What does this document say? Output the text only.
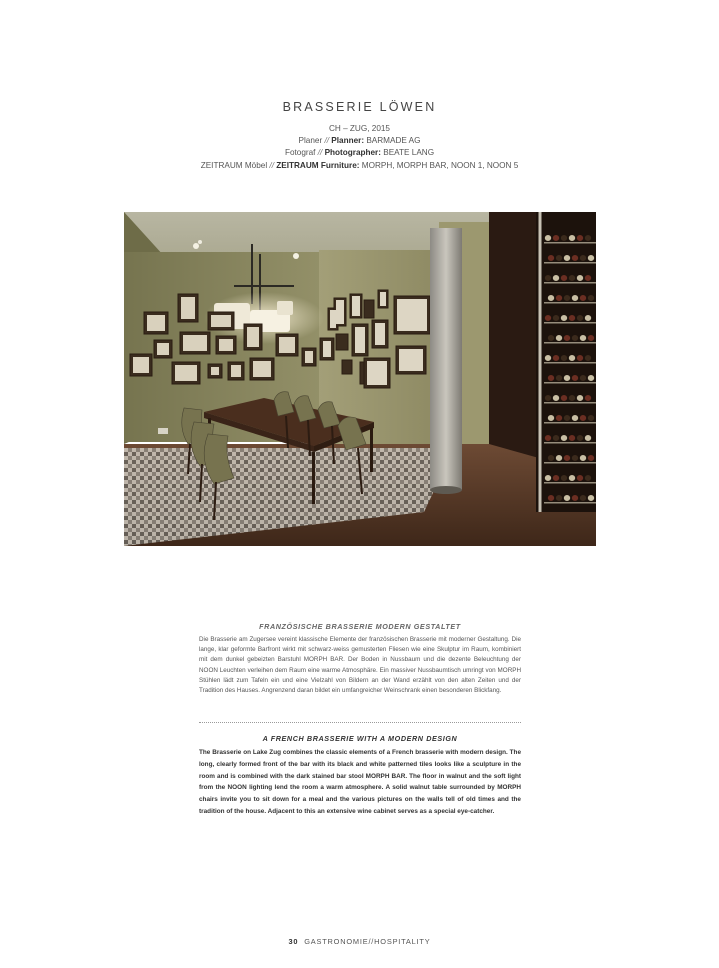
BRASSERIE LÖWEN
CH – ZUG, 2015
Planer // Planner: BARMADE AG
Fotograf // Photographer: BEATE LANG
ZEITRAUM Möbel // ZEITRAUM Furniture: MORPH, MORPH BAR, NOON 1, NOON 5
FRANZÖSISCHE BRASSERIE MODERN GESTALTET

Die Brasserie am Zugersee vereint klassische Elemente der französischen Brasserie mit moderner Gestaltung. Die lange, klar geformte Barfront wirkt mit schwarz-weiss gemusterten Fliesen wie eine Skulptur im Raum, kombiniert mit dem dunkel gebeizten Barstuhl MORPH BAR. Der Boden in Nussbaum und die dezente Beleuchtung der NOON Leuchten verleihen dem Raum eine warme Atmosphäre. Ein massiver Nussbaumtisch umringt von MORPH Stühlen lädt zum Tafeln ein und eine Vielzahl von Bildern an der Wand erzählt von den alten Zeiten und der Tradition des Hauses. Angrenzend daran bildet ein umfangreicher Weinschrank einen besonderen Blickfang.

A FRENCH BRASSERIE WITH A MODERN DESIGN

The Brasserie on Lake Zug combines the classic elements of a French brasserie with modern design. The long, clearly formed front of the bar with its black and white patterned tiles looks like a sculpture in the room and is combined with the dark stained bar stool MORPH BAR. The floor in walnut and the soft light from the NOON lighting lend the room a warm atmosphere. A solid walnut table surrounded by MORPH chairs invite you to sit down for a meal and the various pictures on the walls tell of old times and the tradition of the house. Adjacent to this an extensive wine cabinet serves as a special eye-catcher.

30 GASTRONOMIE//HOSPITALITY
